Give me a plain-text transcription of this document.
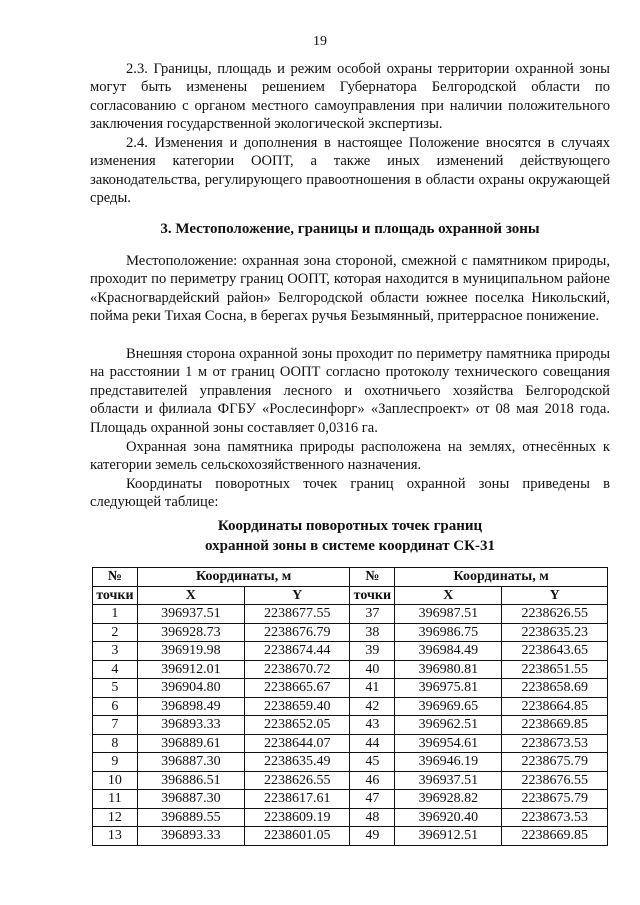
19

2.3. Границы, площадь и режим особой охраны территории охранной зоны могут быть изменены решением Губернатора Белгородской области по согласованию с органом местного самоуправления при наличии положительного заключения государственной экологической экспертизы.

2.4. Изменения и дополнения в настоящее Положение вносятся в случаях изменения категории ООПТ, а также иных изменений действующего законодательства, регулирующего правоотношения в области охраны окружающей среды.

3. Местоположение, границы и площадь охранной зоны

Местоположение: охранная зона стороной, смежной с памятником природы, проходит по периметру границ ООПТ, которая находится в муниципальном районе «Красногвардейский район» Белгородской области южнее поселка Никольский, пойма реки Тихая Сосна, в берегах ручья Безымянный, притеррасное понижение.

Внешняя сторона охранной зоны проходит по периметру памятника природы на расстоянии 1 м от границ ООПТ согласно протоколу технического совещания представителей управления лесного и охотничьего хозяйства Белгородской области и филиала ФГБУ «Рослесинфорг» «Заплеспроект» от 08 мая 2018 года. Площадь охранной зоны составляет 0,0316 га.

Охранная зона памятника природы расположена на землях, отнесённых к категории земель сельскохозяйственного назначения.

Координаты поворотных точек границ охранной зоны приведены в следующей таблице:

Координаты поворотных точек границ
охранной зоны в системе координат СК-31
№	Координаты, м		№	Координаты, м	
точки	X	Y	точки	X	Y
1	396937.51	2238677.55	37	396987.51	2238626.55
2	396928.73	2238676.79	38	396986.75	2238635.23
3	396919.98	2238674.44	39	396984.49	2238643.65
4	396912.01	2238670.72	40	396980.81	2238651.55
5	396904.80	2238665.67	41	396975.81	2238658.69
6	396898.49	2238659.40	42	396969.65	2238664.85
7	396893.33	2238652.05	43	396962.51	2238669.85
8	396889.61	2238644.07	44	396954.61	2238673.53
9	396887.30	2238635.49	45	396946.19	2238675.79
10	396886.51	2238626.55	46	396937.51	2238676.55
11	396887.30	2238617.61	47	396928.82	2238675.79
12	396889.55	2238609.19	48	396920.40	2238673.53
13	396893.33	2238601.05	49	396912.51	2238669.85
